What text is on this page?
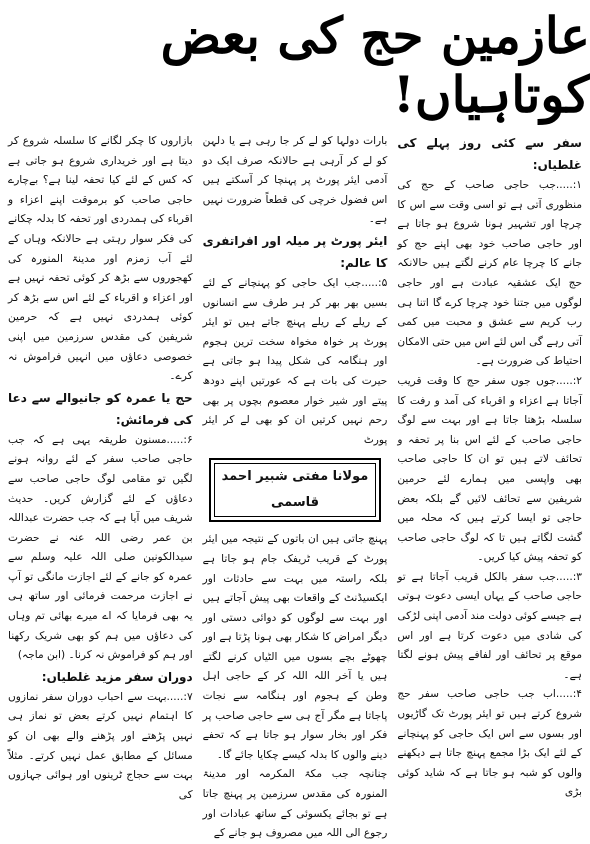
عازمین حج کی بعض کوتاہیاں!

سفر سے کئی روز پہلے کی غلطیاں:

۱:.....جب حاجی صاحب کے حج کی منظوری آتی ہے تو اسی وقت سے اس کا چرچا اور تشہیر ہونا شروع ہو جاتا ہے اور حاجی صاحب خود بھی اپنے حج کو جانے کا چرچا عام کرنے لگتے ہیں حالانکہ حج ایک عشقیہ عبادت ہے اور حاجی لوگوں میں جتنا خود چرچا کرے گا اتنا ہی رب کریم سے عشق و محبت میں کمی آتی رہے گی اس لئے اس میں حتی الامکان احتیاط کی ضرورت ہے۔

۲:.....جوں جوں سفر حج کا وقت قریب آجاتا ہے اعزاء و اقرباء کی آمد و رفت کا سلسلہ بڑھتا جاتا ہے اور بہت سے لوگ حاجی صاحب کے لئے اس بنا پر تحفہ و تحائف لاتے ہیں تو ان کا حاجی صاحب بھی واپسی میں ہمارے لئے حرمین شریفین سے تحائف لائیں گے بلکہ بعض حاجی تو ایسا کرتے ہیں کہ محلہ میں گشت لگاتے ہیں تا کہ لوگ حاجی صاحب کو تحفہ پیش کیا کریں۔

۳:.....جب سفر بالکل قریب آجاتا ہے تو حاجی صاحب کے یہاں ایسی دعوت ہوتی ہے جیسے کوئی دولت مند آدمی اپنی لڑکی کی شادی میں دعوت کرتا ہے اور اس موقع پر تحائف اور لفافے پیش ہونے لگتا ہے۔

۴:.....اب جب حاجی صاحب سفر حج شروع کرتے ہیں تو ایئر پورٹ تک گاڑیوں اور بسوں سے اس ایک حاجی کو پہنچانے کے لئے ایک بڑا مجمع پہنچ جاتا ہے دیکھنے والوں کو شبہ ہو جاتا ہے کہ شاید کوئی بڑی

بارات دولہا کو لے کر جا رہی ہے یا دلہن کو لے کر آرہی ہے حالانکہ صرف ایک دو آدمی ایئر پورٹ پر پہنچا کر آسکتے ہیں اس فضول خرچی کی قطعاً ضرورت نہیں ہے۔

ایئر پورٹ پر میلہ اور افراتفری کا عالم:

۵:.....جب ایک حاجی کو پہنچانے کے لئے بسیں بھر بھر کر ہر طرف سے انسانوں کے ریلے کے ریلے پہنچ جاتے ہیں تو ایئر پورٹ پر خواہ مخواہ سخت ترین ہجوم اور ہنگامہ کی شکل پیدا ہو جاتی ہے حیرت کی بات ہے کہ عورتیں اپنے دودھ پیتے اور شیر خوار معصوم بچوں پر بھی رحم نہیں کرتیں ان کو بھی لے کر ایئر پورٹ

مولانا مفتی شبیر احمد قاسمی

پہنچ جاتی ہیں ان باتوں کے نتیجہ میں ایئر پورٹ کے قریب ٹریفک جام ہو جاتا ہے بلکہ راستہ میں بہت سے حادثات اور ایکسیڈنٹ کے واقعات بھی پیش آجاتے ہیں اور بہت سے لوگوں کو دوائی دستی اور دیگر امراض کا شکار بھی ہونا پڑتا ہے اور چھوٹے بچے بسوں میں الٹیاں کرنے لگتے ہیں یا آخر اللہ اللہ کر کے حاجی اہل وطن کے ہجوم اور ہنگامہ سے نجات پاجاتا ہے مگر آج ہی سے حاجی صاحب پر فکر اور بخار سوار ہو جاتا ہے کہ تحفے دینے والوں کا بدلہ کیسے چکایا جائے گا۔

چنانچہ جب مکۃ المکرمہ اور مدینۃ المنورہ کی مقدس سرزمین پر پہنچ جاتا ہے تو بجائے یکسوئی کے ساتھ عبادات اور رجوع الی اللہ میں مصروف ہو جانے کے

بازاروں کا چکر لگانے کا سلسلہ شروع کر دیتا ہے اور خریداری شروع ہو جاتی ہے کہ کس کے لئے کیا تحفہ لینا ہے؟ بےچارے حاجی صاحب کو برموقت اپنے اعزاء و اقرباء کی ہمدردی اور تحفہ کا بدلہ چکانے کی فکر سوار رہتی ہے حالانکہ وہاں کے لئے آب زمزم اور مدینۃ المنورہ کی کھجوروں سے بڑھ کر کوئی تحفہ نہیں ہے اور اعزاء و اقرباء کے لئے اس سے بڑھ کر کوئی ہمدردی نہیں ہے کہ حرمین شریفین کی مقدس سرزمین میں اپنی خصوصی دعاؤں میں انہیں فراموش نہ کرے۔

حج یا عمرہ کو جانیوالے سے دعا کی فرمائش:

۶:.....مسنون طریقہ یہی ہے کہ جب حاجی صاحب سفر کے لئے روانہ ہونے لگیں تو مقامی لوگ حاجی صاحب سے دعاؤں کے لئے گزارش کریں۔ حدیث شریف میں آیا ہے کہ جب حضرت عبداللہ بن عمر رضی اللہ عنہ نے حضرت سیدالکونین صلی اللہ علیہ وسلم سے عمرہ کو جانے کے لئے اجازت مانگی تو آپ نے اجازت مرحمت فرمائی اور ساتھ ہی یہ بھی فرمایا کہ اے میرے بھائی تم وہاں کی دعاؤں میں ہم کو بھی شریک رکھنا اور ہم کو فراموش نہ کرنا۔ (ابن ماجہ)

دوران سفر مزید غلطیاں:

۷:.....بہت سے احباب دوران سفر نمازوں کا اہتمام نہیں کرتے بعض تو نماز ہی نہیں پڑھتے اور پڑھنے والے بھی ان کو مسائل کے مطابق عمل نہیں کرتے۔ مثلاً بہت سے حجاج ٹرینوں اور ہوائی جہازوں کی
